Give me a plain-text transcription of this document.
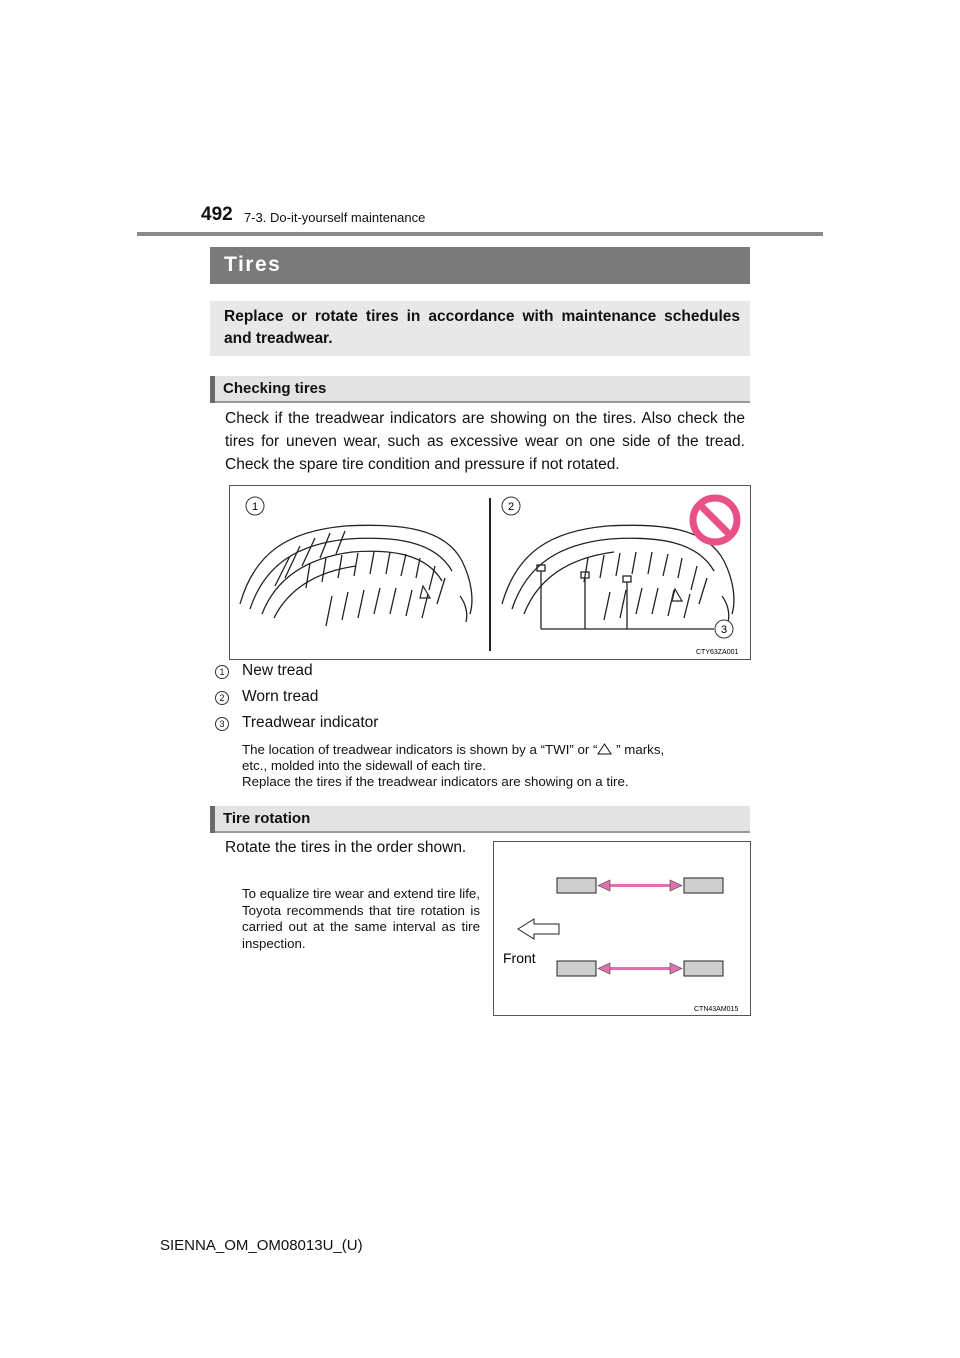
492 7-3. Do-it-yourself maintenance
Tires
Replace or rotate tires in accordance with maintenance schedules and treadwear.
Checking tires
Check if the treadwear indicators are showing on the tires. Also check the tires for uneven wear, such as excessive wear on one side of the tread. Check the spare tire condition and pressure if not rotated.
1	2
3
CTY63ZA001
1 New tread
2 Worn tread
3 Treadwear indicator
The location of treadwear indicators is shown by a “TWI” or “ ” marks,
etc., molded into the sidewall of each tire.
Replace the tires if the treadwear indicators are showing on a tire.
Tire rotation
Rotate the tires in the order shown.
To equalize tire wear and extend tire life, Toyota recommends that tire rotation is carried out at the same interval as tire inspection.
Front
CTN43AM015
SIENNA_OM_OM08013U_(U)
